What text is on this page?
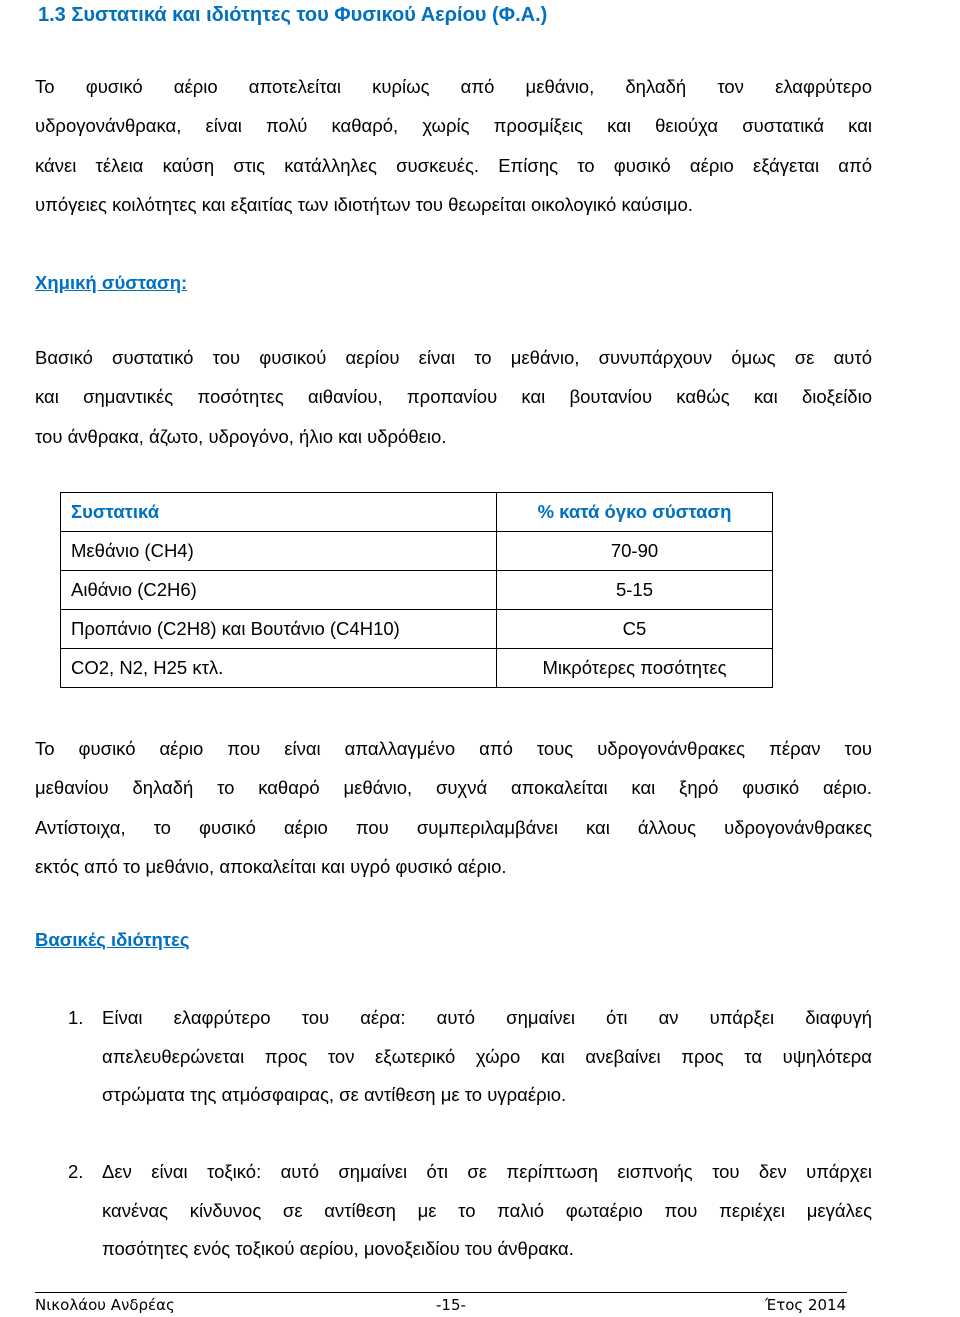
1.3 Συστατικά και ιδιότητες του Φυσικού Αερίου (Φ.Α.)
Το φυσικό αέριο αποτελείται κυρίως από μεθάνιο, δηλαδή τον ελαφρύτερο
υδρογονάνθρακα, είναι πολύ καθαρό, χωρίς προσμίξεις και θειούχα συστατικά και
κάνει τέλεια καύση στις κατάλληλες συσκευές. Επίσης το φυσικό αέριο εξάγεται από
υπόγειες κοιλότητες και εξαιτίας των ιδιοτήτων του θεωρείται οικολογικό καύσιμο.
Χημική σύσταση:
Βασικό συστατικό του φυσικού αερίου είναι το μεθάνιο, συνυπάρχουν όμως σε αυτό
και σημαντικές ποσότητες αιθανίου, προπανίου και βουτανίου καθώς και διοξείδιο
του άνθρακα, άζωτο, υδρογόνο, ήλιο και υδρόθειο.
Συστατικά	% κατά όγκο σύσταση
Μεθάνιο (CH4)	70-90
Αιθάνιο (C2H6)	5-15
Προπάνιο (C2H8) και Βουτάνιο (C4H10)	C5
CO2, N2, H25 κτλ.	Μικρότερες ποσότητες
Το φυσικό αέριο που είναι απαλλαγμένο από τους υδρογονάνθρακες πέραν του
μεθανίου δηλαδή το καθαρό μεθάνιο, συχνά αποκαλείται και ξηρό φυσικό αέριο.
Αντίστοιχα, το φυσικό αέριο που συμπεριλαμβάνει και άλλους υδρογονάνθρακες
εκτός από το μεθάνιο, αποκαλείται και υγρό φυσικό αέριο.
Βασικές ιδιότητες
1. Είναι ελαφρύτερο του αέρα: αυτό σημαίνει ότι αν υπάρξει διαφυγή
απελευθερώνεται προς τον εξωτερικό χώρο και ανεβαίνει προς τα υψηλότερα
στρώματα της ατμόσφαιρας, σε αντίθεση με το υγραέριο.
2. Δεν είναι τοξικό: αυτό σημαίνει ότι σε περίπτωση εισπνοής του δεν υπάρχει
κανένας κίνδυνος σε αντίθεση με το παλιό φωταέριο που περιέχει μεγάλες
ποσότητες ενός τοξικού αερίου, μονοξειδίου του άνθρακα.
Νικολάου Ανδρέας	-15-	Έτος 2014
